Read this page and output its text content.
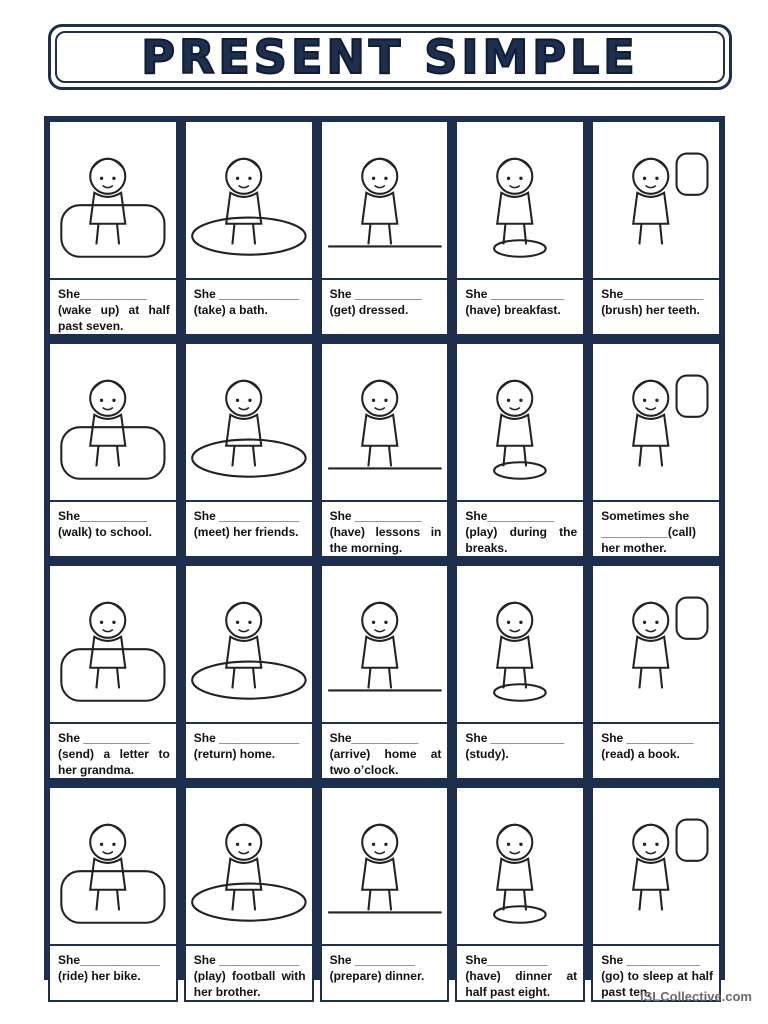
PRESENT SIMPLE
She__________
(wake up) at half past seven.
She ____________
(take) a bath.
She __________
(get) dressed.
She ___________
(have) breakfast.
She____________
(brush) her teeth.
She__________
(walk) to school.
She ____________
(meet) her friends.
She __________
(have) lessons in the morning.
She__________
(play) during the breaks.
Sometimes she
__________(call) her mother.
She __________
(send) a letter to her grandma.
She ____________
(return) home.
She__________
(arrive) home at two o’clock.
She ___________
(study).
She __________
(read) a book.
She____________
(ride) her bike.
She ____________
(play) football with her brother.
She _________
(prepare) dinner.
She_________
(have) dinner at half past eight.
She ___________
(go) to sleep at half past ten.
iSLCollective.com
